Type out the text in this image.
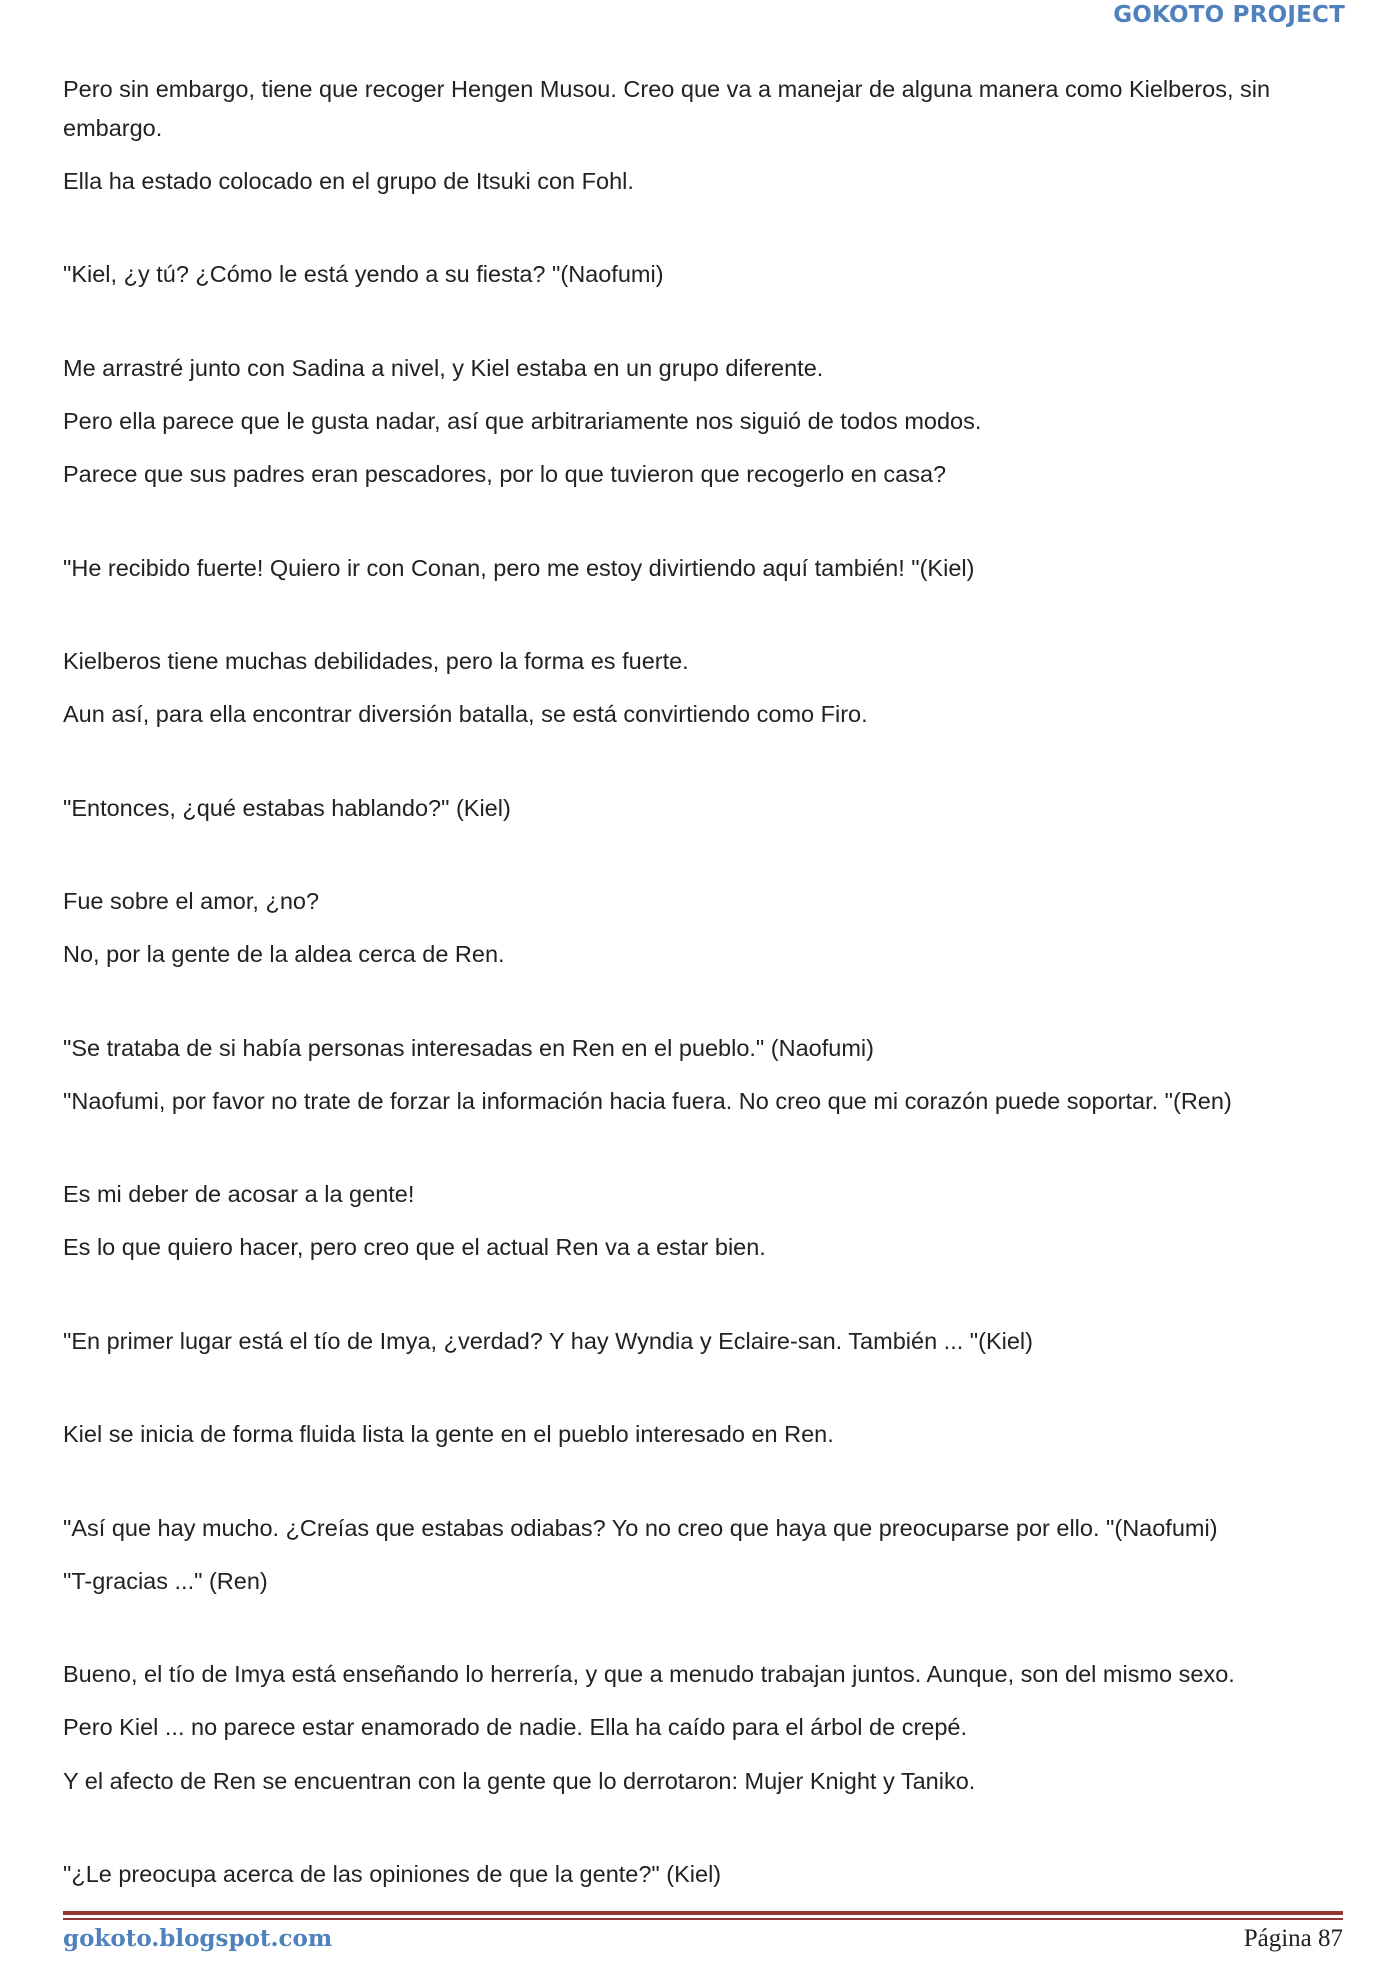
GOKOTO PROJECT
Pero sin embargo, tiene que recoger Hengen Musou. Creo que va a manejar de alguna manera como Kielberos, sin embargo.
Ella ha estado colocado en el grupo de Itsuki con Fohl.
"Kiel, ¿y tú? ¿Cómo le está yendo a su fiesta? "(Naofumi)
Me arrastré junto con Sadina a nivel, y Kiel estaba en un grupo diferente.
Pero ella parece que le gusta nadar, así que arbitrariamente nos siguió de todos modos.
Parece que sus padres eran pescadores, por lo que tuvieron que recogerlo en casa?
"He recibido fuerte! Quiero ir con Conan, pero me estoy divirtiendo aquí también! "(Kiel)
Kielberos tiene muchas debilidades, pero la forma es fuerte.
Aun así, para ella encontrar diversión batalla, se está convirtiendo como Firo.
"Entonces, ¿qué estabas hablando?" (Kiel)
Fue sobre el amor, ¿no?
No, por la gente de la aldea cerca de Ren.
"Se trataba de si había personas interesadas en Ren en el pueblo." (Naofumi)
"Naofumi, por favor no trate de forzar la información hacia fuera. No creo que mi corazón puede soportar. "(Ren)
Es mi deber de acosar a la gente!
Es lo que quiero hacer, pero creo que el actual Ren va a estar bien.
"En primer lugar está el tío de Imya, ¿verdad? Y hay Wyndia y Eclaire-san. También ... "(Kiel)
Kiel se inicia de forma fluida lista la gente en el pueblo interesado en Ren.
"Así que hay mucho. ¿Creías que estabas odiabas? Yo no creo que haya que preocuparse por ello. "(Naofumi)
"T-gracias ..." (Ren)
Bueno, el tío de Imya está enseñando lo herrería, y que a menudo trabajan juntos. Aunque, son del mismo sexo.
Pero Kiel ... no parece estar enamorado de nadie. Ella ha caído para el árbol de crepé.
Y el afecto de Ren se encuentran con la gente que lo derrotaron: Mujer Knight y Taniko.
"¿Le preocupa acerca de las opiniones de que la gente?" (Kiel)
gokoto.blogspot.com	Página 87
